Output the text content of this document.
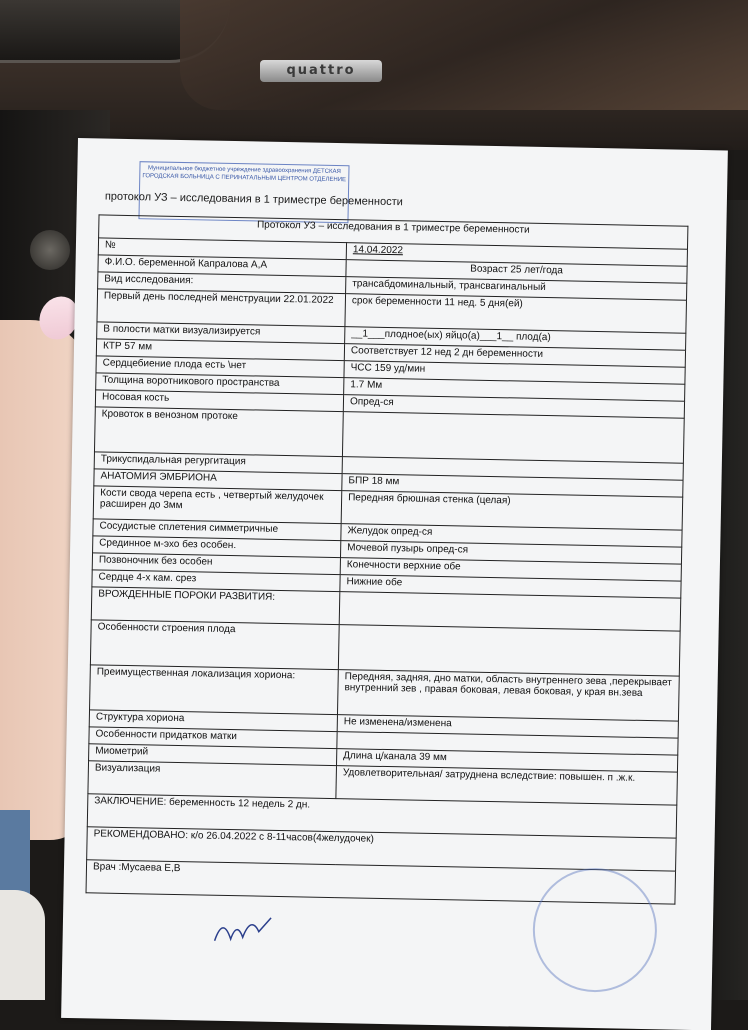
quattro
Муниципальное бюджетное учреждение здравоохранения ДЕТСКАЯ ГОРОДСКАЯ БОЛЬНИЦА С ПЕРИНАТАЛЬНЫМ ЦЕНТРОМ ОТДЕЛЕНИЕ
протокол УЗ – исследования в 1 триместре беременности
Протокол УЗ – исследования в 1 триместре беременности	
№	14.04.2022
Ф.И.О. беременной Капралова А,А	Возраст 25 лет/года
Вид исследования:	трансабдоминальный, трансвагинальный
Первый день последней менструации 22.01.2022	срок беременности 11 нед. 5 дня(ей)
В полости матки визуализируется	__1___плодное(ых) яйцо(а)___1__ плод(а)
КТР 57 мм	Соответствует 12 нед 2 дн беременности
Сердцебиение плода есть \нет	ЧСС 159 уд/мин
Толщина воротникового пространства	1.7 Мм
Носовая кость	Опред-ся
Кровоток в венозном протоке	
Трикуспидальная регургитация	
АНАТОМИЯ ЭМБРИОНА	БПР 18 мм
Кости свода черепа есть , четвертый желудочек расширен до 3мм	Передняя брюшная стенка (целая)
Сосудистые сплетения симметричные	Желудок опред-ся
Срединное м-эхо без особен.	Мочевой пузырь опред-ся
Позвоночник без особен	Конечности верхние обе
Сердце 4-х кам. срез	Нижние обе
ВРОЖДЕННЫЕ ПОРОКИ РАЗВИТИЯ:	
Особенности строения плода	
Преимущественная локализация хориона:	Передняя, задняя, дно матки, область внутреннего зева ,перекрывает внутренний зев , правая боковая, левая боковая, у края вн.зева
Структура хориона	Не изменена/изменена
Особенности придатков матки	
Миометрий	Длина ц/канала 39 мм
Визуализация	Удовлетворительная/ затруднена вследствие: повышен. п .ж.к.
ЗАКЛЮЧЕНИЕ: беременность 12 недель 2 дн.	
РЕКОМЕНДОВАНО: к/о 26.04.2022 с 8-11часов(4желудочек)	
Врач :Мусаева Е,В	
